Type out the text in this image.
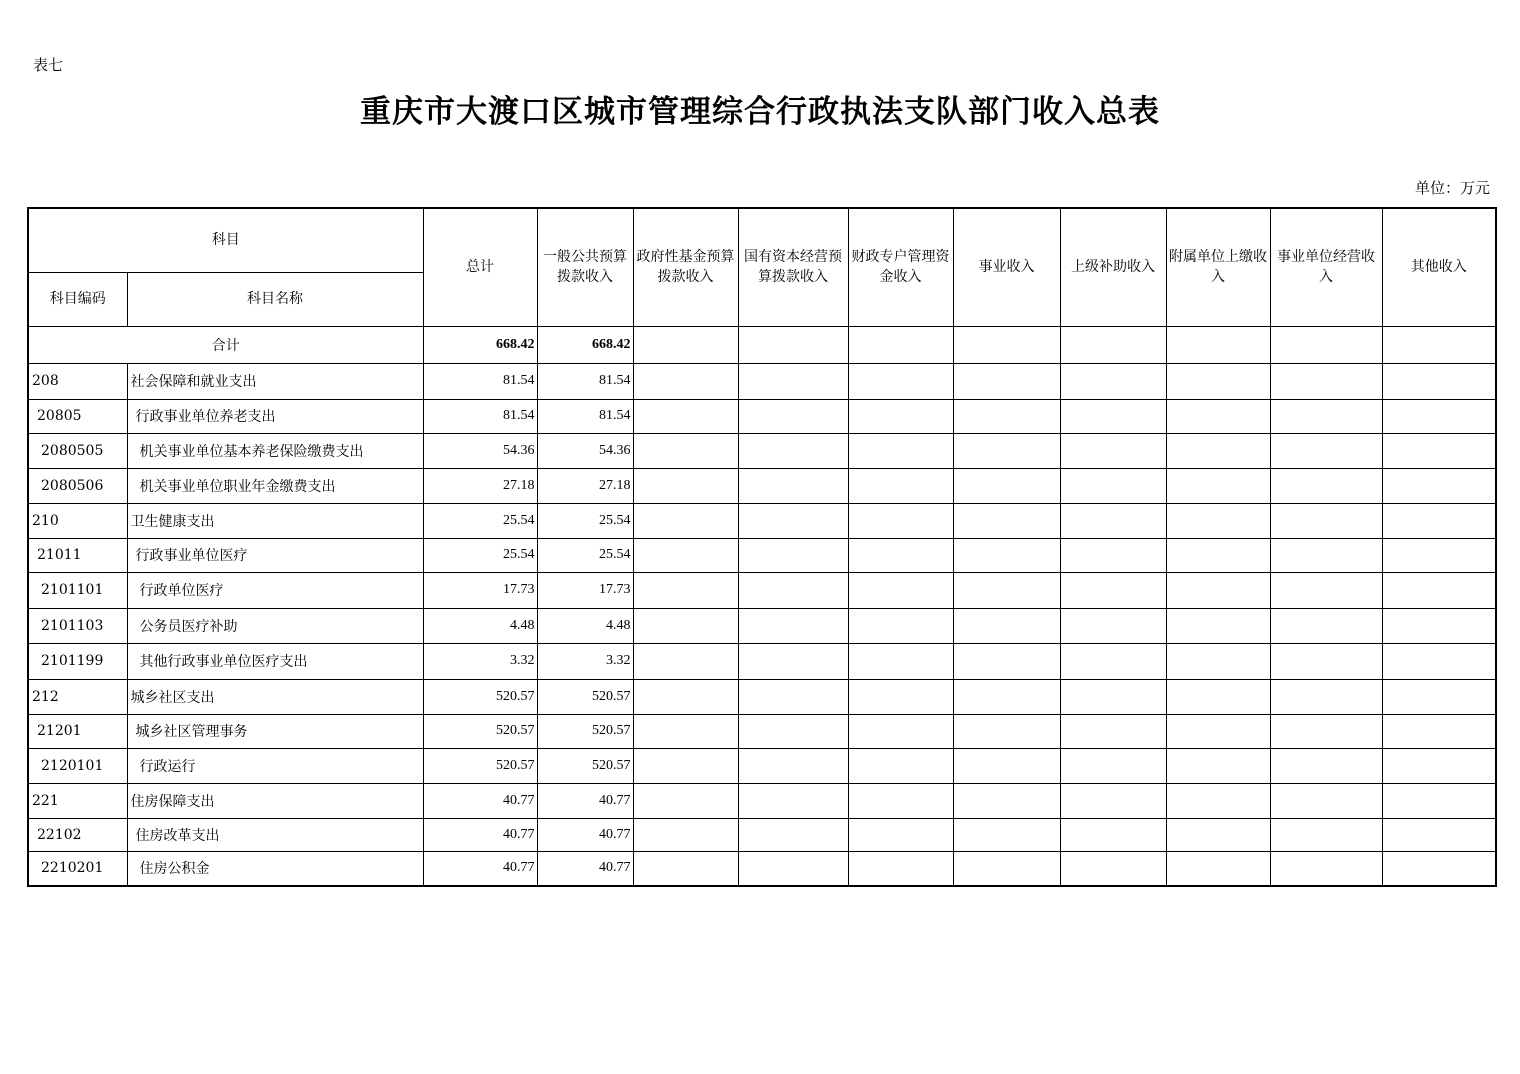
表七
重庆市大渡口区城市管理综合行政执法支队部门收入总表
单位：万元
科目		总计	一般公共预算拨款收入	政府性基金预算拨款收入	国有资本经营预算拨款收入	财政专户管理资金收入	事业收入	上级补助收入	附属单位上缴收入	事业单位经营收入	其他收入
科目编码	科目名称										
合计		668.42	668.42								
208	社会保障和就业支出	81.54	81.54								
20805	行政事业单位养老支出	81.54	81.54								
2080505	机关事业单位基本养老保险缴费支出	54.36	54.36								
2080506	机关事业单位职业年金缴费支出	27.18	27.18								
210	卫生健康支出	25.54	25.54								
21011	行政事业单位医疗	25.54	25.54								
2101101	行政单位医疗	17.73	17.73								
2101103	公务员医疗补助	4.48	4.48								
2101199	其他行政事业单位医疗支出	3.32	3.32								
212	城乡社区支出	520.57	520.57								
21201	城乡社区管理事务	520.57	520.57								
2120101	行政运行	520.57	520.57								
221	住房保障支出	40.77	40.77								
22102	住房改革支出	40.77	40.77								
2210201	住房公积金	40.77	40.77								
